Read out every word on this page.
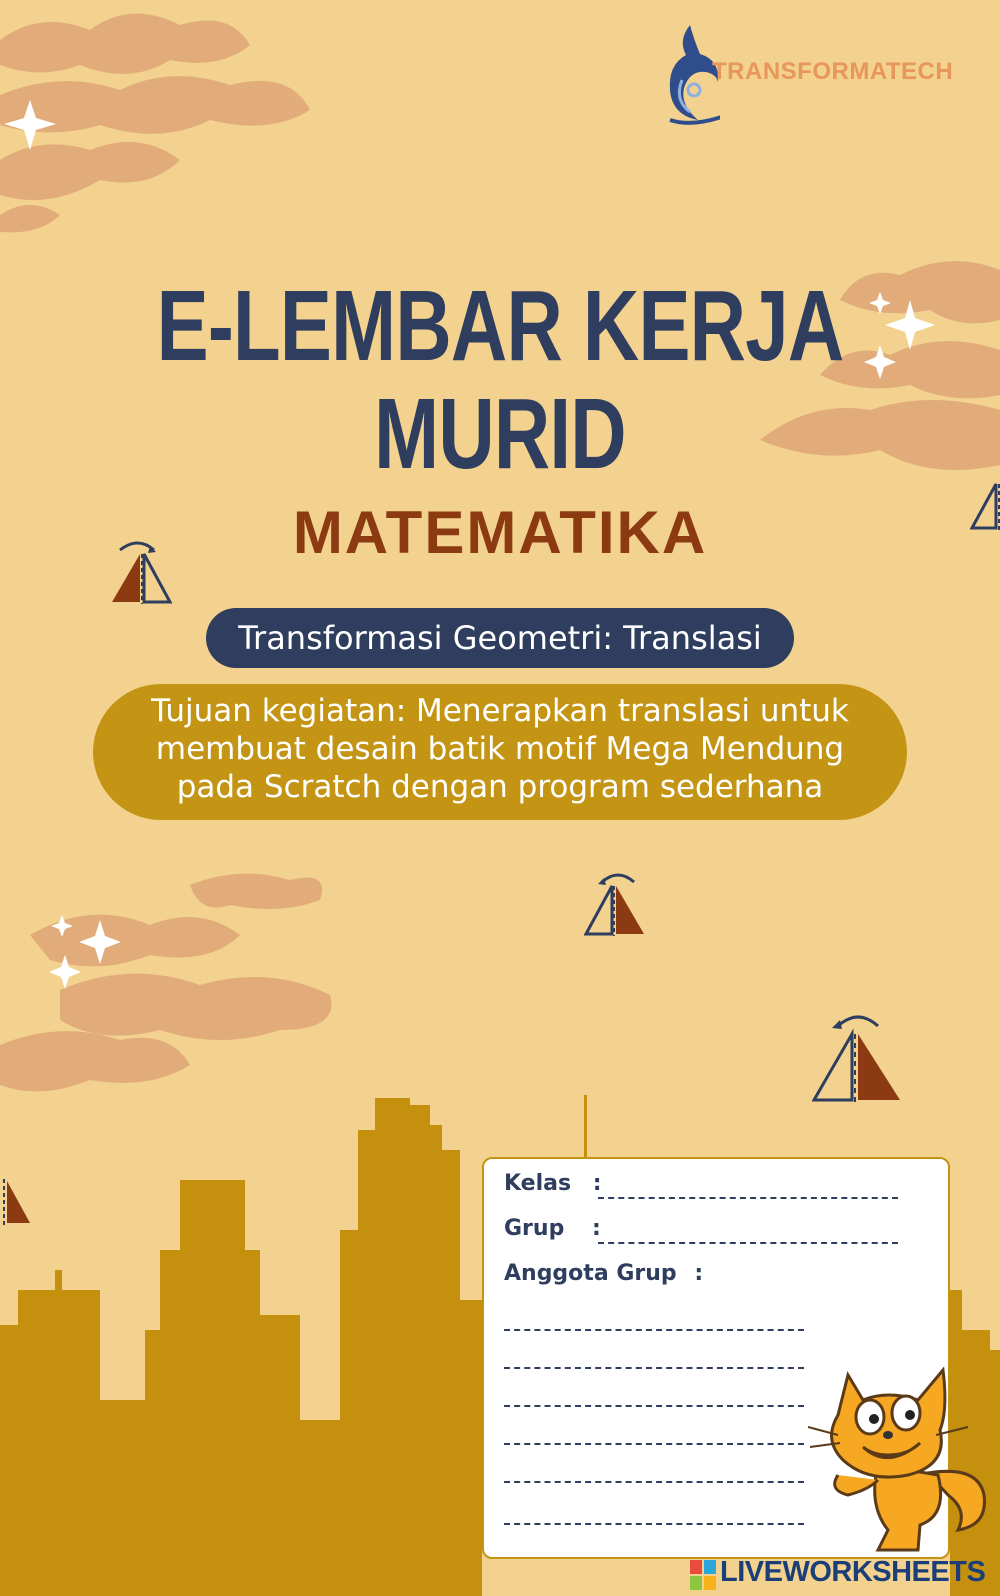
TRANSFORMATECH
E-LEMBAR KERJA
MURID
MATEMATIKA
Transformasi Geometri: Translasi
Tujuan kegiatan: Menerapkan translasi untuk
membuat desain batik motif Mega Mendung
pada Scratch dengan program sederhana
Kelas :
Grup :
Anggota Grup :
LIVEWORKSHEETS
